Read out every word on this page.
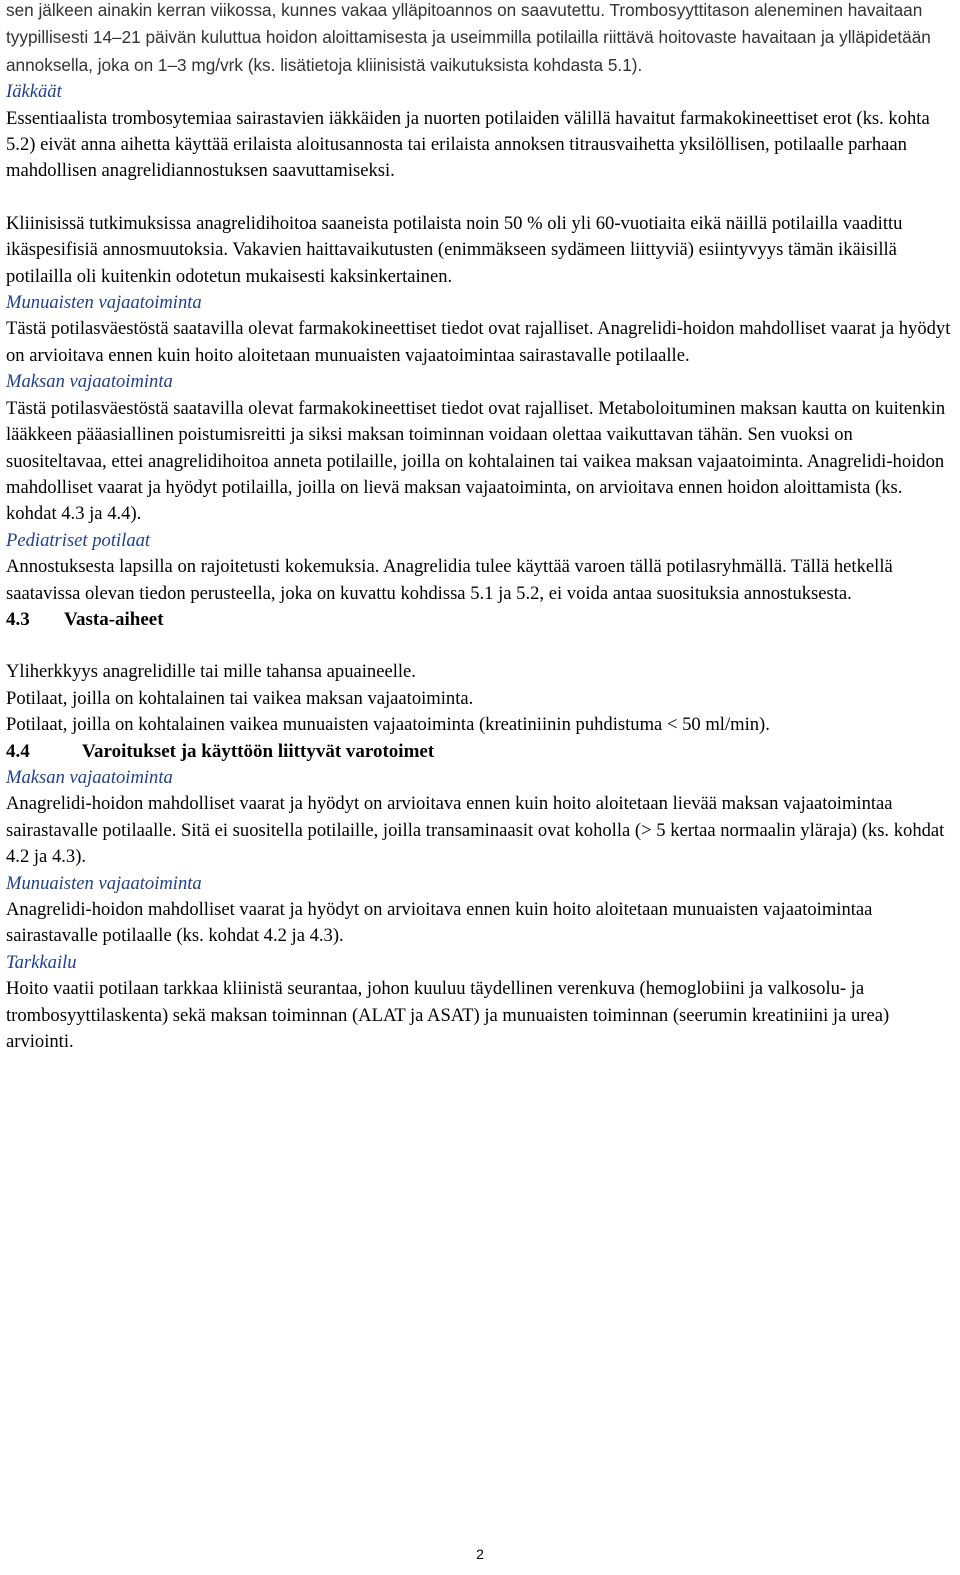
sen jälkeen ainakin kerran viikossa, kunnes vakaa ylläpitoannos on saavutettu. Trombosyyttitason aleneminen havaitaan tyypillisesti 14–21 päivän kuluttua hoidon aloittamisesta ja useimmilla potilailla riittävä hoitovaste havaitaan ja ylläpidetään annoksella, joka on 1–3 mg/vrk (ks. lisätietoja kliinisistä vaikutuksista kohdasta 5.1).

Iäkkäät

Essentiaalista trombosytemiaa sairastavien iäkkäiden ja nuorten potilaiden välillä havaitut farmakokineettiset erot (ks. kohta 5.2) eivät anna aihetta käyttää erilaista aloitusannosta tai erilaista annoksen titrausvaihetta yksilöllisen, potilaalle parhaan mahdollisen anagrelidiannostuksen saavuttamiseksi.

Kliinisissä tutkimuksissa anagrelidihoitoa saaneista potilaista noin 50 % oli yli 60-vuotiaita eikä näillä potilailla vaadittu ikäspesifisiä annosmuutoksia. Vakavien haittavaikutusten (enimmäkseen sydämeen liittyviä) esiintyvyys tämän ikäisillä potilailla oli kuitenkin odotetun mukaisesti kaksinkertainen.

Munuaisten vajaatoiminta

Tästä potilasväestöstä saatavilla olevat farmakokineettiset tiedot ovat rajalliset. Anagrelidi-hoidon mahdolliset vaarat ja hyödyt on arvioitava ennen kuin hoito aloitetaan munuaisten vajaatoimintaa sairastavalle potilaalle.

Maksan vajaatoiminta

Tästä potilasväestöstä saatavilla olevat farmakokineettiset tiedot ovat rajalliset. Metaboloituminen maksan kautta on kuitenkin lääkkeen pääasiallinen poistumisreitti ja siksi maksan toiminnan voidaan olettaa vaikuttavan tähän. Sen vuoksi on suositeltavaa, ettei anagrelidihoitoa anneta potilaille, joilla on kohtalainen tai vaikea maksan vajaatoiminta. Anagrelidi-hoidon mahdolliset vaarat ja hyödyt potilailla, joilla on lievä maksan vajaatoiminta, on arvioitava ennen hoidon aloittamista (ks. kohdat 4.3 ja 4.4).

Pediatriset potilaat

Annostuksesta lapsilla on rajoitetusti kokemuksia. Anagrelidia tulee käyttää varoen tällä potilasryhmällä. Tällä hetkellä saatavissa olevan tiedon perusteella, joka on kuvattu kohdissa 5.1 ja 5.2, ei voida antaa suosituksia annostuksesta.

4.3 Vasta-aiheet

Yliherkkyys anagrelidille tai mille tahansa apuaineelle.
Potilaat, joilla on kohtalainen tai vaikea maksan vajaatoiminta.
Potilaat, joilla on kohtalainen vaikea munuaisten vajaatoiminta (kreatiniinin puhdistuma < 50 ml/min).

4.4	Varoitukset ja käyttöön liittyvät varotoimet

Maksan vajaatoiminta

Anagrelidi-hoidon mahdolliset vaarat ja hyödyt on arvioitava ennen kuin hoito aloitetaan lievää maksan vajaatoimintaa sairastavalle potilaalle. Sitä ei suositella potilaille, joilla transaminaasit ovat koholla (> 5 kertaa normaalin yläraja) (ks. kohdat 4.2 ja 4.3).

Munuaisten vajaatoiminta

Anagrelidi-hoidon mahdolliset vaarat ja hyödyt on arvioitava ennen kuin hoito aloitetaan munuaisten vajaatoimintaa sairastavalle potilaalle (ks. kohdat 4.2 ja 4.3).

Tarkkailu

Hoito vaatii potilaan tarkkaa kliinistä seurantaa, johon kuuluu täydellinen verenkuva (hemoglobiini ja valkosolu- ja trombosyyttilaskenta) sekä maksan toiminnan (ALAT ja ASAT) ja munuaisten toiminnan (seerumin kreatiniini ja urea) arviointi.

2
